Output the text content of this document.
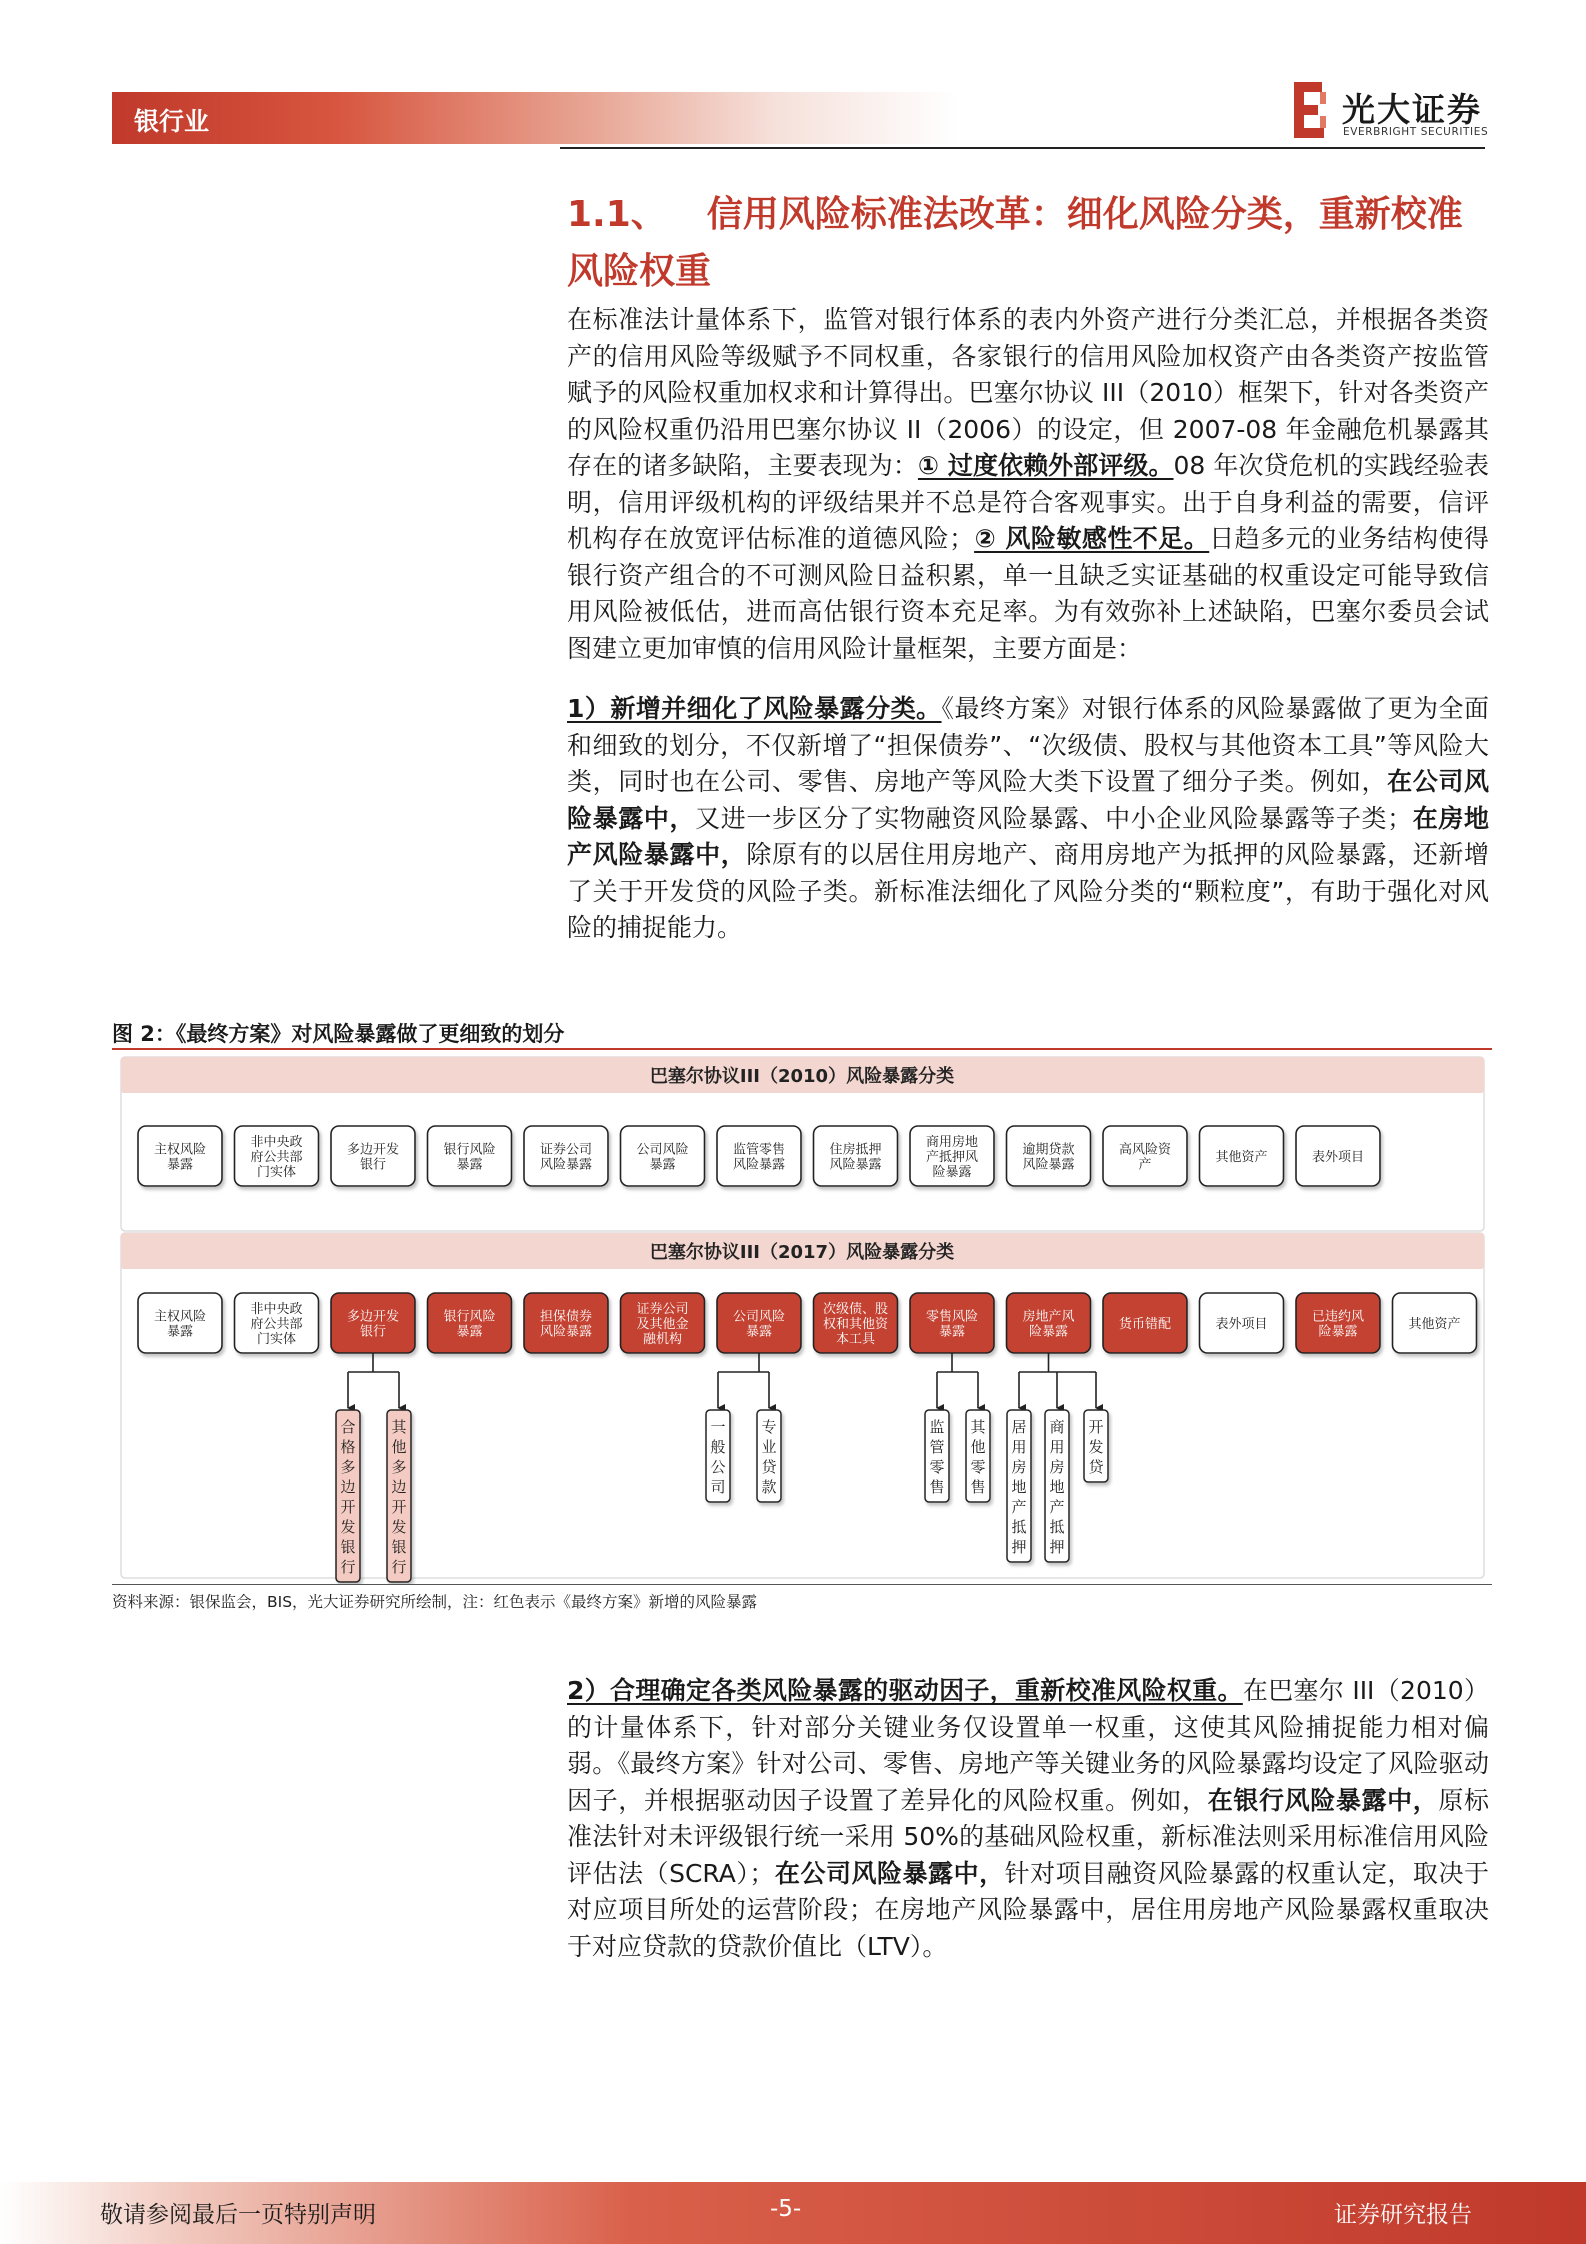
银行业	光大证券
EVERBRIGHT SECURITIES
1.1、 信用风险标准法改革：细化风险分类，重新校准风险权重
在标准法计量体系下，监管对银行体系的表内外资产进行分类汇总，并根据各类资产的信用风险等级赋予不同权重，各家银行的信用风险加权资产由各类资产按监管赋予的风险权重加权求和计算得出。巴塞尔协议 III（2010）框架下，针对各类资产的风险权重仍沿用巴塞尔协议 II（2006）的设定，但 2007-08 年金融危机暴露其存在的诸多缺陷，主要表现为：① 过度依赖外部评级。08 年次贷危机的实践经验表明，信用评级机构的评级结果并不总是符合客观事实。出于自身利益的需要，信评机构存在放宽评估标准的道德风险；② 风险敏感性不足。日趋多元的业务结构使得银行资产组合的不可测风险日益积累，单一且缺乏实证基础的权重设定可能导致信用风险被低估，进而高估银行资本充足率。为有效弥补上述缺陷，巴塞尔委员会试图建立更加审慎的信用风险计量框架，主要方面是：
1）新增并细化了风险暴露分类。《最终方案》对银行体系的风险暴露做了更为全面和细致的划分，不仅新增了“担保债券”、“次级债、股权与其他资本工具”等风险大类，同时也在公司、零售、房地产等风险大类下设置了细分子类。例如，在公司风险暴露中，又进一步区分了实物融资风险暴露、中小企业风险暴露等子类；在房地产风险暴露中，除原有的以居住用房地产、商用房地产为抵押的风险暴露，还新增了关于开发贷的风险子类。新标准法细化了风险分类的“颗粒度”，有助于强化对风险的捕捉能力。
图 2：《最终方案》对风险暴露做了更细致的划分
巴塞尔协议III（2010）风险暴露分类
主权风险
暴露
非中央政
府公共部
门实体
多边开发
银行
银行风险
暴露
证券公司
风险暴露
公司风险
暴露
监管零售
风险暴露
住房抵押
风险暴露
商用房地
产抵押风
险暴露
逾期贷款
风险暴露
高风险资
产	其他资产	表外项目
巴塞尔协议III（2017）风险暴露分类
主权风险
暴露
非中央政
府公共部
门实体
多边开发
银行
银行风险
暴露
担保债券
风险暴露
证券公司
及其他金
融机构
公司风险
暴露
次级债、股
权和其他资
本工具
零售风险
暴露
房地产风
险暴露	货币错配	表外项目	已违约风
险暴露	其他资产
合
格
多
边
开
发
银
行
其
他
多
边
开
发
银
行
一
般
公
司
专
业
贷
款
监
管
零
售
其
他
零
售
居
用
房
地
产
抵
押
商
用
房
地
产
抵
押
开
发
贷
资料来源：银保监会，BIS，光大证券研究所绘制，注：红色表示《最终方案》新增的风险暴露
2）合理确定各类风险暴露的驱动因子，重新校准风险权重。在巴塞尔 III（2010）的计量体系下，针对部分关键业务仅设置单一权重，这使其风险捕捉能力相对偏弱。《最终方案》针对公司、零售、房地产等关键业务的风险暴露均设定了风险驱动因子，并根据驱动因子设置了差异化的风险权重。例如，在银行风险暴露中，原标准法针对未评级银行统一采用 50%的基础风险权重，新标准法则采用标准信用风险评估法（SCRA）；在公司风险暴露中，针对项目融资风险暴露的权重认定，取决于对应项目所处的运营阶段；在房地产风险暴露中，居住用房地产风险暴露权重取决于对应贷款的贷款价值比（LTV）。
敬请参阅最后一页特别声明	-5-	证券研究报告
